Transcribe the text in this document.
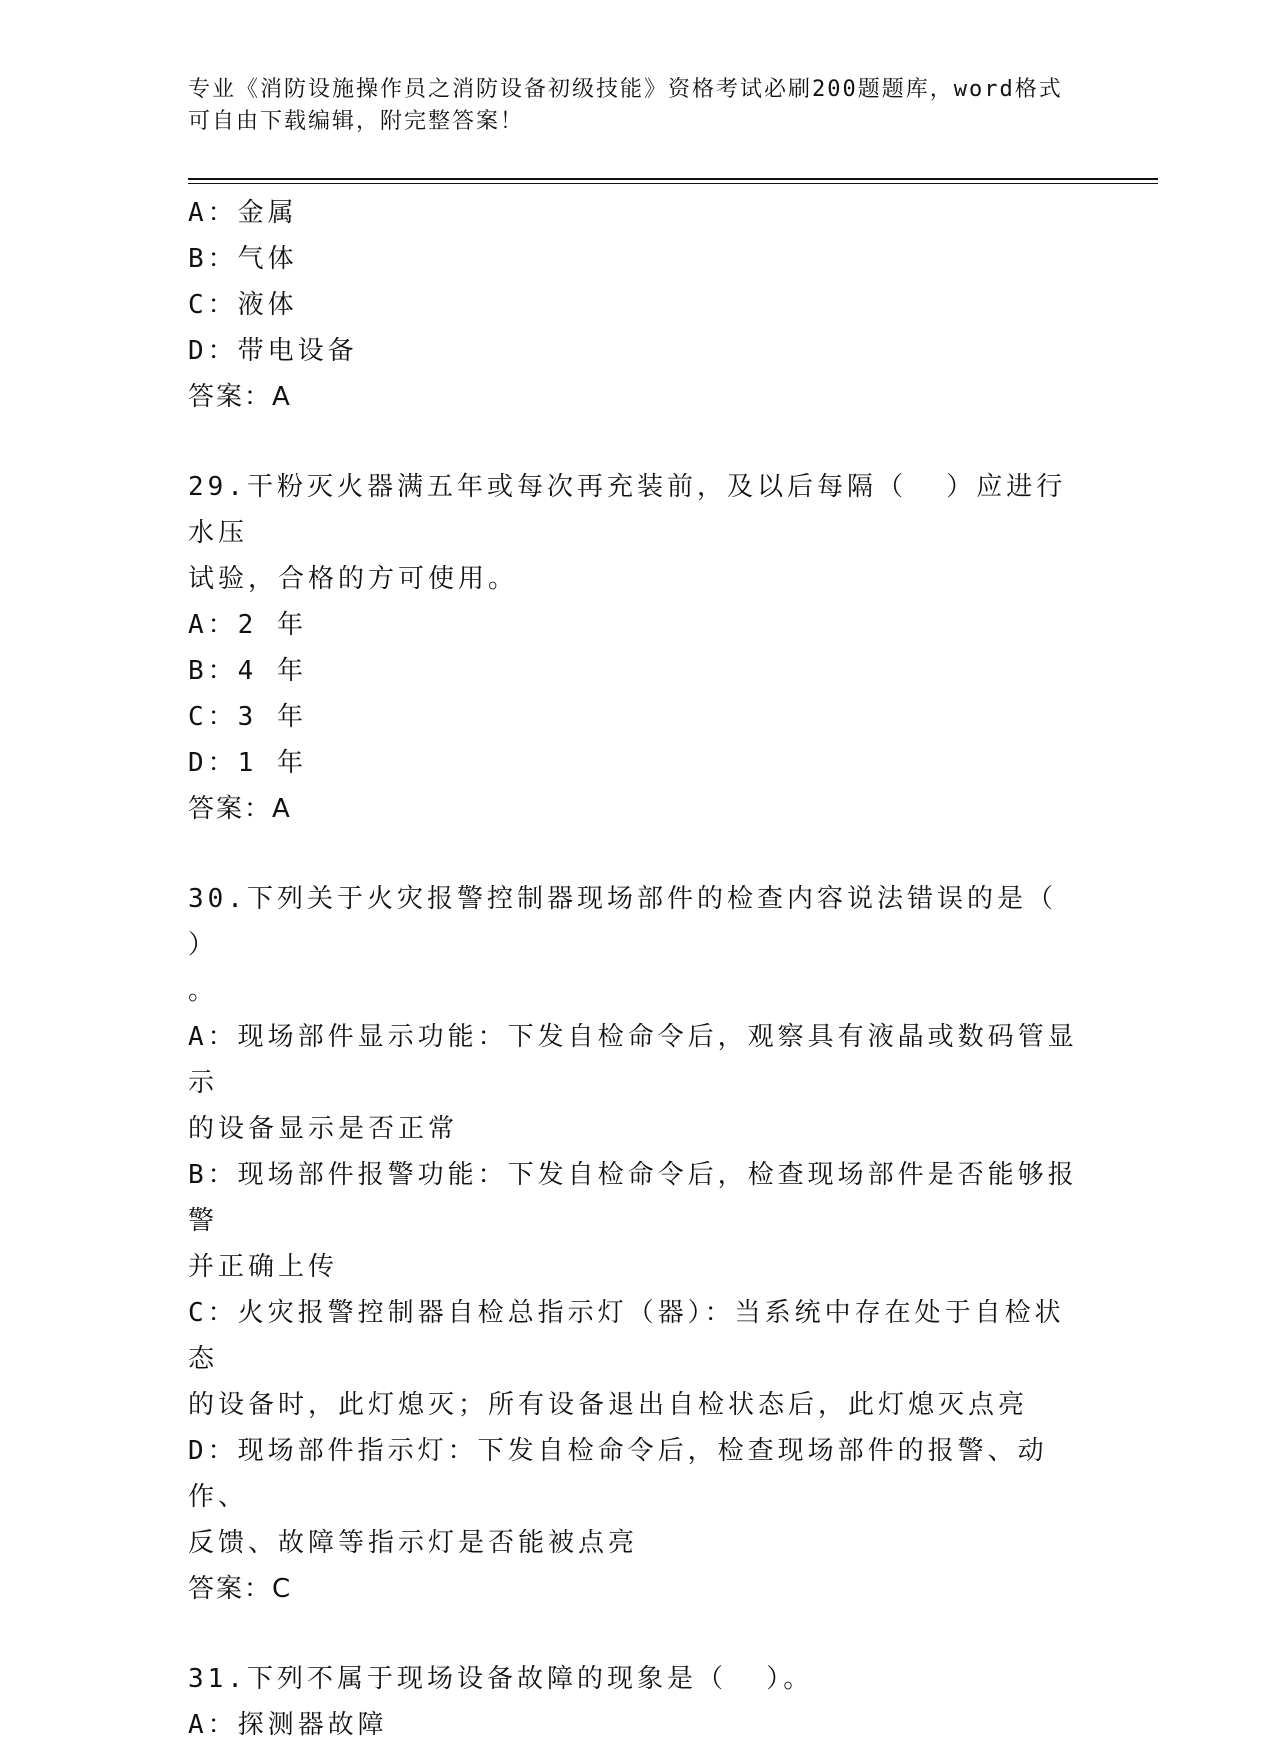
专业《消防设施操作员之消防设备初级技能》资格考试必刷200题题库，word格式可自由下载编辑，附完整答案！

A：金属

B：气体

C：液体

D：带电设备

答案：A

29.干粉灭火器满五年或每次再充装前，及以后每隔（  ）应进行水压

试验，合格的方可使用。

A：2 年

B：4 年

C：3 年

D：1 年

答案：A

30.下列关于火灾报警控制器现场部件的检查内容说法错误的是（  ）

。

A：现场部件显示功能：下发自检命令后，观察具有液晶或数码管显示

的设备显示是否正常

B：现场部件报警功能：下发自检命令后，检查现场部件是否能够报警

并正确上传

C：火灾报警控制器自检总指示灯（器）：当系统中存在处于自检状态

的设备时，此灯熄灭；所有设备退出自检状态后，此灯熄灭点亮

D：现场部件指示灯：下发自检命令后，检查现场部件的报警、动作、

反馈、故障等指示灯是否能被点亮

答案：C

31.下列不属于现场设备故障的现象是（  ）。

A：探测器故障
